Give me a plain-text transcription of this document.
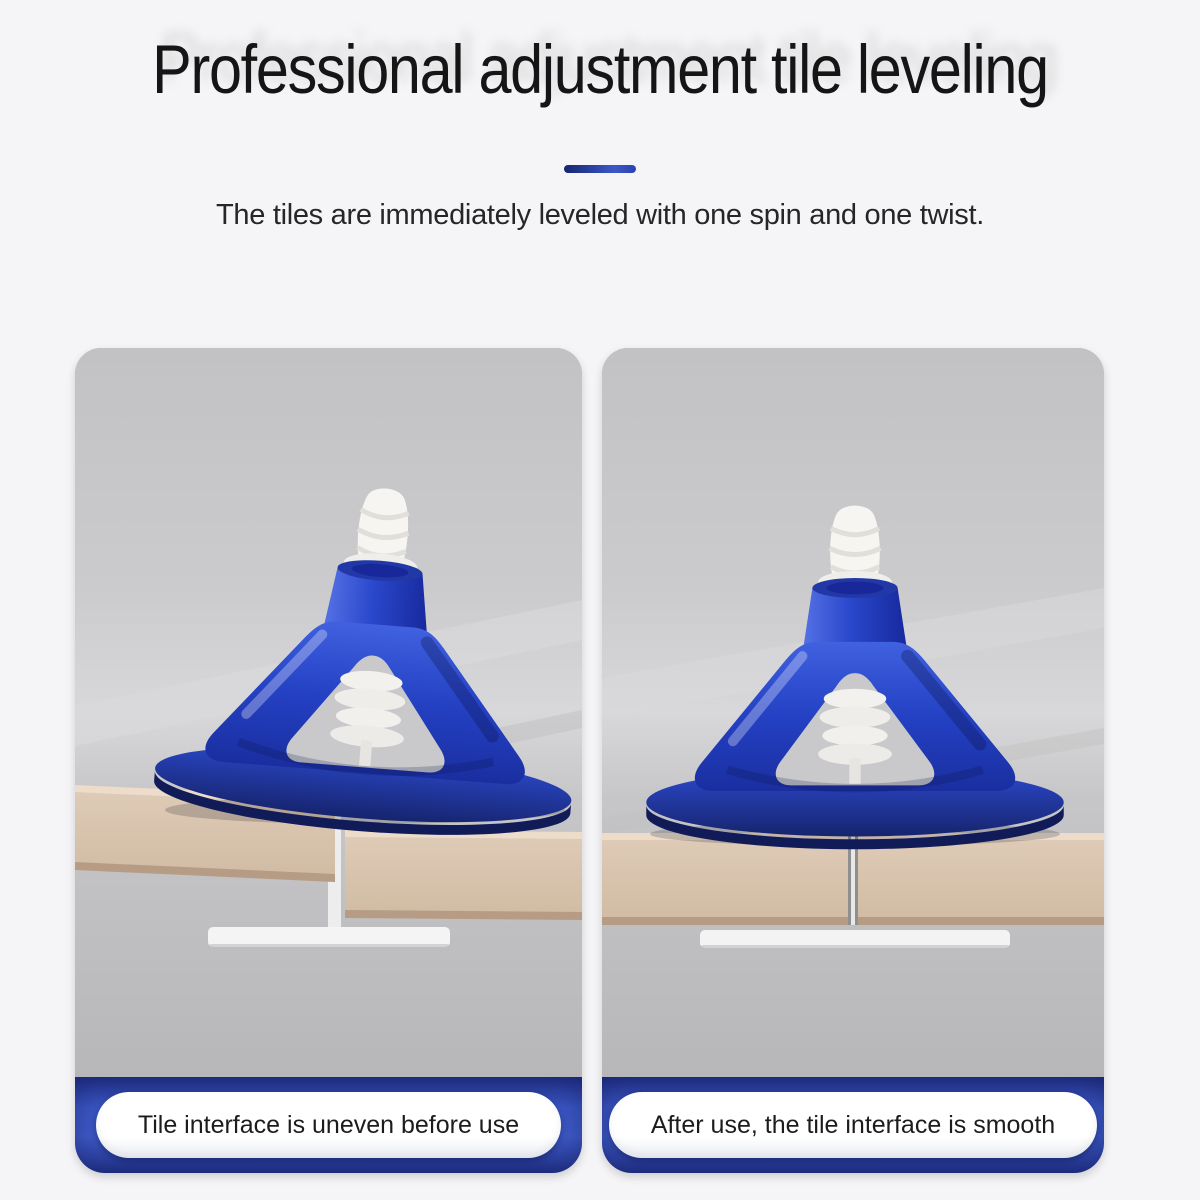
Professional adjustment tile leveling

The tiles are immediately leveled with one spin and one twist.

Tile interface is uneven before use	After use, the tile interface is smooth
